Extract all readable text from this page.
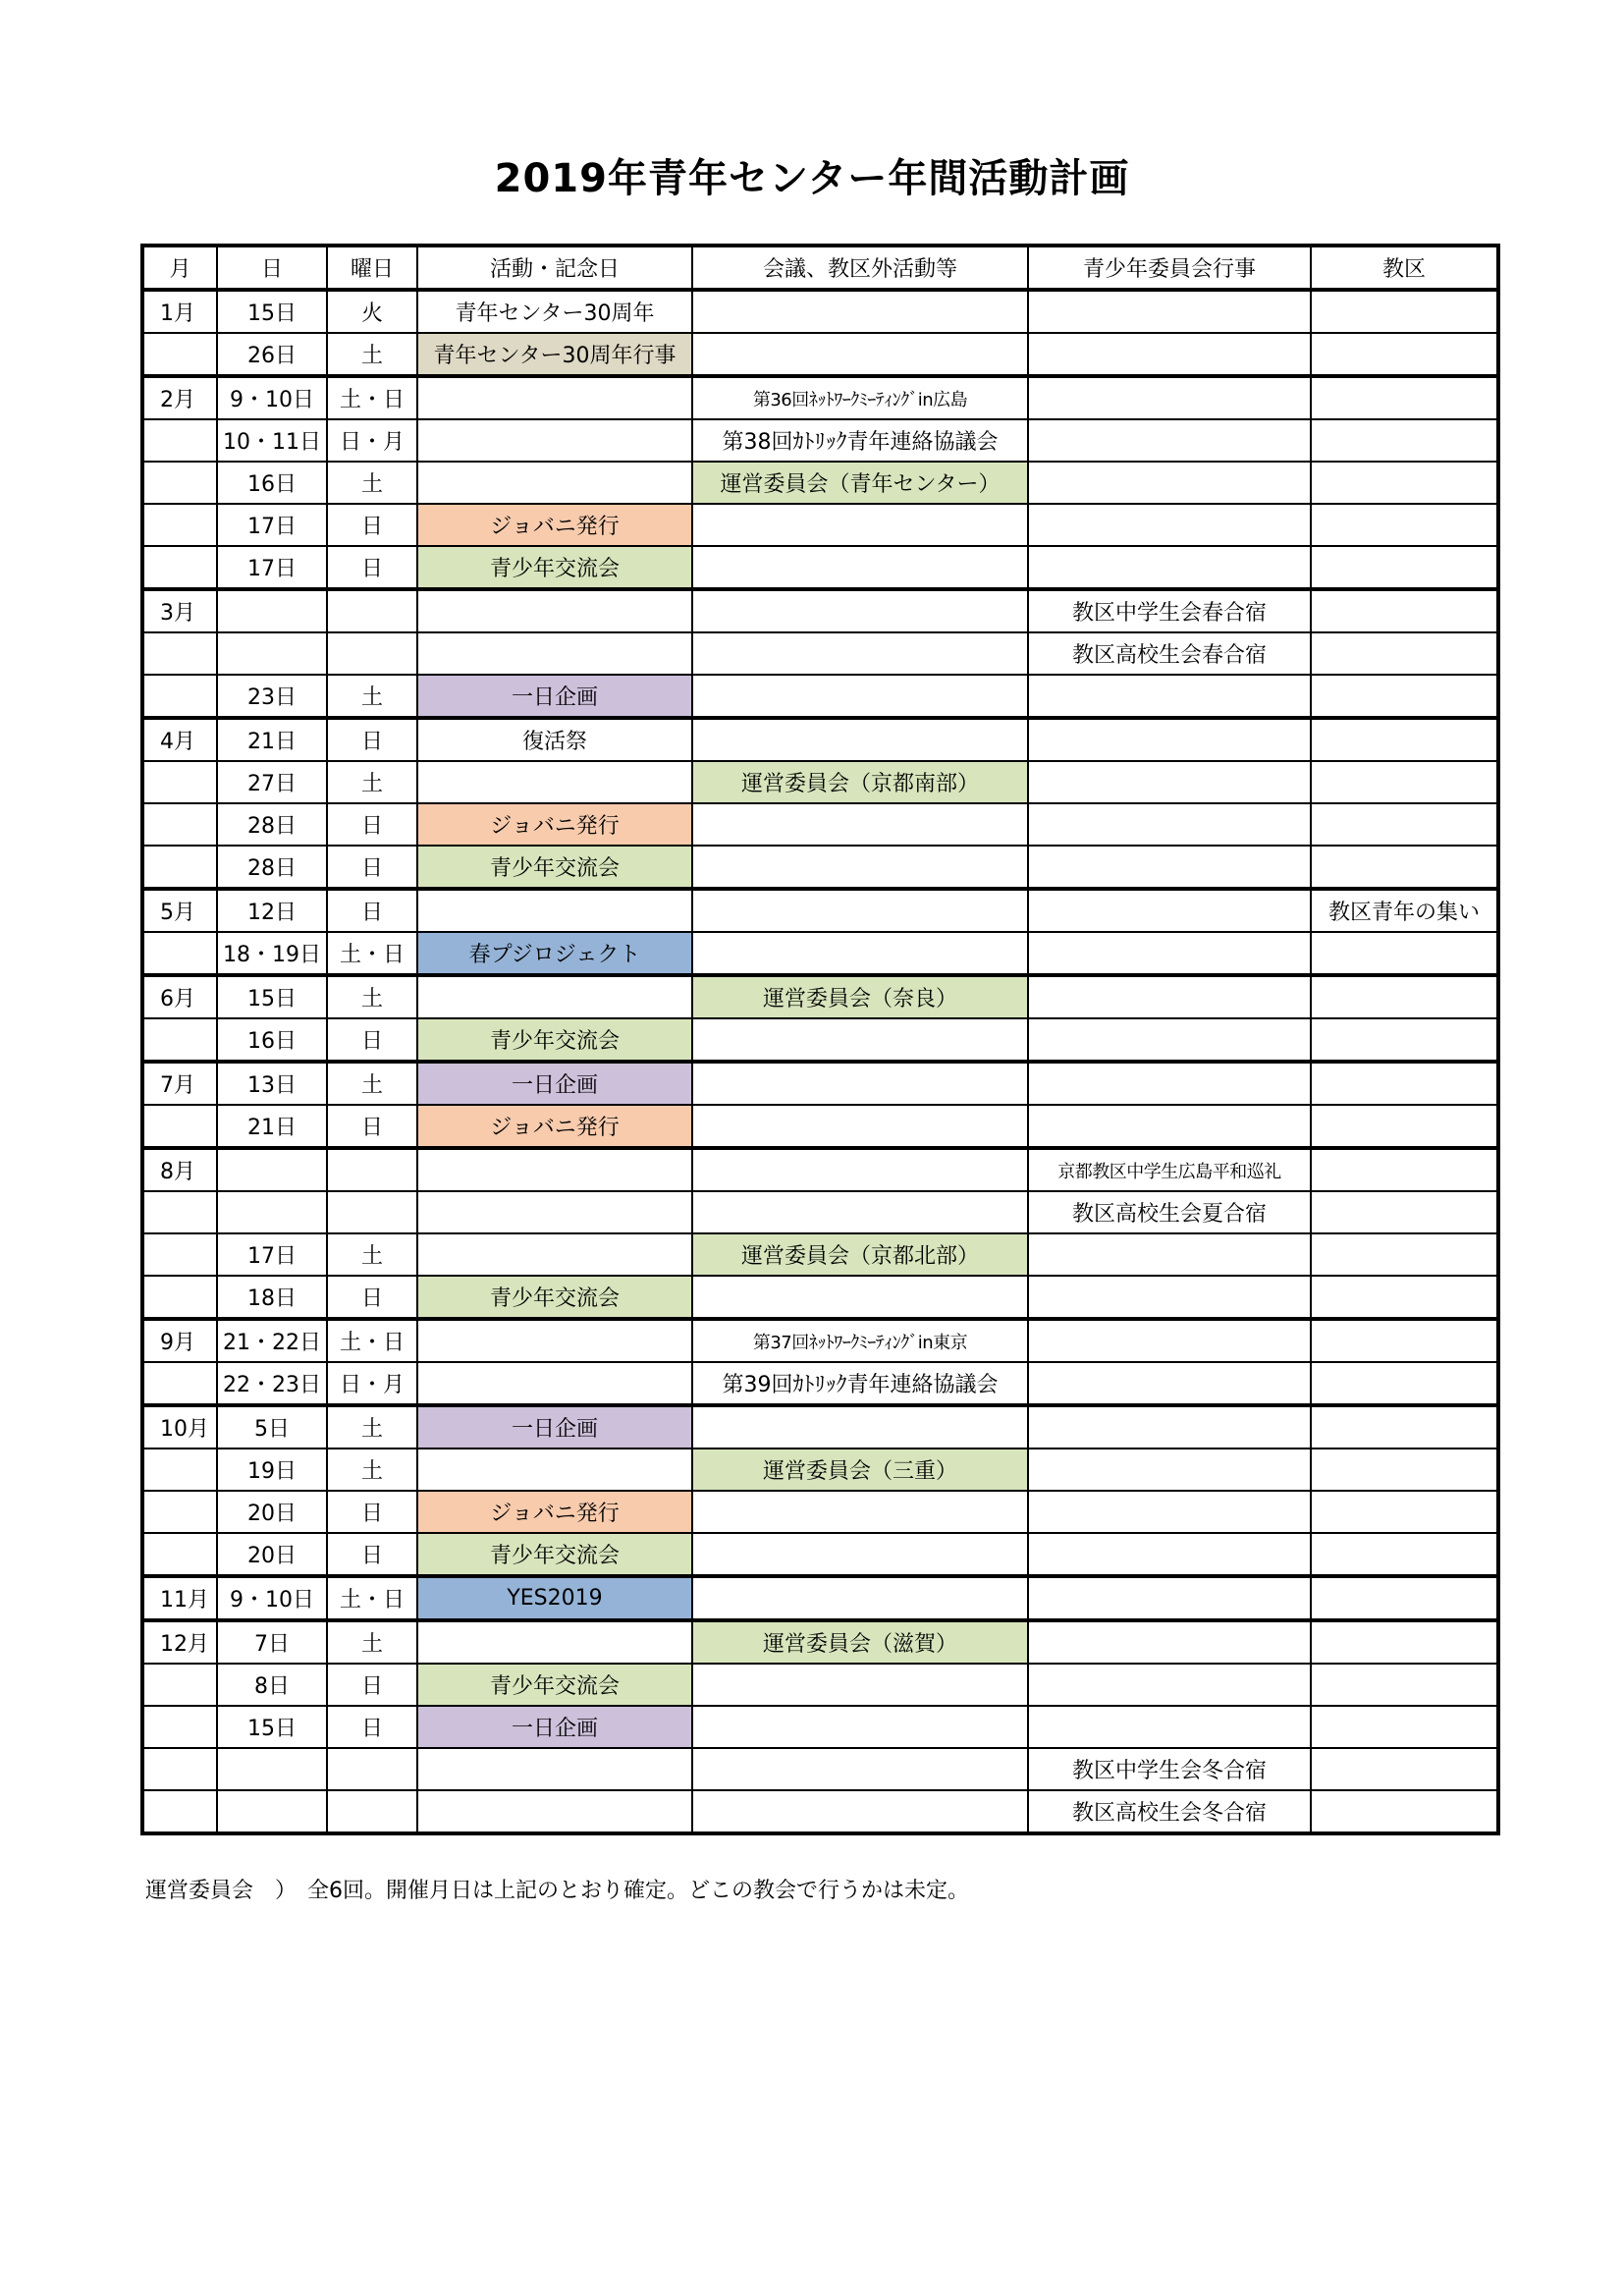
2019年青年センター年間活動計画
月	日	曜日	活動・記念日	会議、教区外活動等	青少年委員会行事	教区
1月	15日	火	青年センター30周年			
	26日	土	青年センター30周年行事			
2月	9・10日	土・日		第36回ﾈｯﾄﾜｰｸﾐｰﾃｨﾝｸﾞin広島		
	10・11日	日・月		第38回ｶﾄﾘｯｸ青年連絡協議会		
	16日	土		運営委員会（青年センター）		
	17日	日	ジョバニ発行			
	17日	日	青少年交流会			
3月					教区中学生会春合宿	
					教区高校生会春合宿	
	23日	土	一日企画			
4月	21日	日	復活祭			
	27日	土		運営委員会（京都南部）		
	28日	日	ジョバニ発行			
	28日	日	青少年交流会			
5月	12日	日				教区青年の集い
	18・19日	土・日	春プジロジェクト			
6月	15日	土		運営委員会（奈良）		
	16日	日	青少年交流会			
7月	13日	土	一日企画			
	21日	日	ジョバニ発行			
8月					京都教区中学生広島平和巡礼	
					教区高校生会夏合宿	
	17日	土		運営委員会（京都北部）		
	18日	日	青少年交流会			
9月	21・22日	土・日		第37回ﾈｯﾄﾜｰｸﾐｰﾃｨﾝｸﾞin東京		
	22・23日	日・月		第39回ｶﾄﾘｯｸ青年連絡協議会		
10月	5日	土	一日企画			
	19日	土		運営委員会（三重）		
	20日	日	ジョバニ発行			
	20日	日	青少年交流会			
11月	9・10日	土・日	YES2019			
12月	7日	土		運営委員会（滋賀）		
	8日	日	青少年交流会			
	15日	日	一日企画			
					教区中学生会冬合宿	
					教区高校生会冬合宿	
運営委員会　）　全6回。開催月日は上記のとおり確定。どこの教会で行うかは未定。
